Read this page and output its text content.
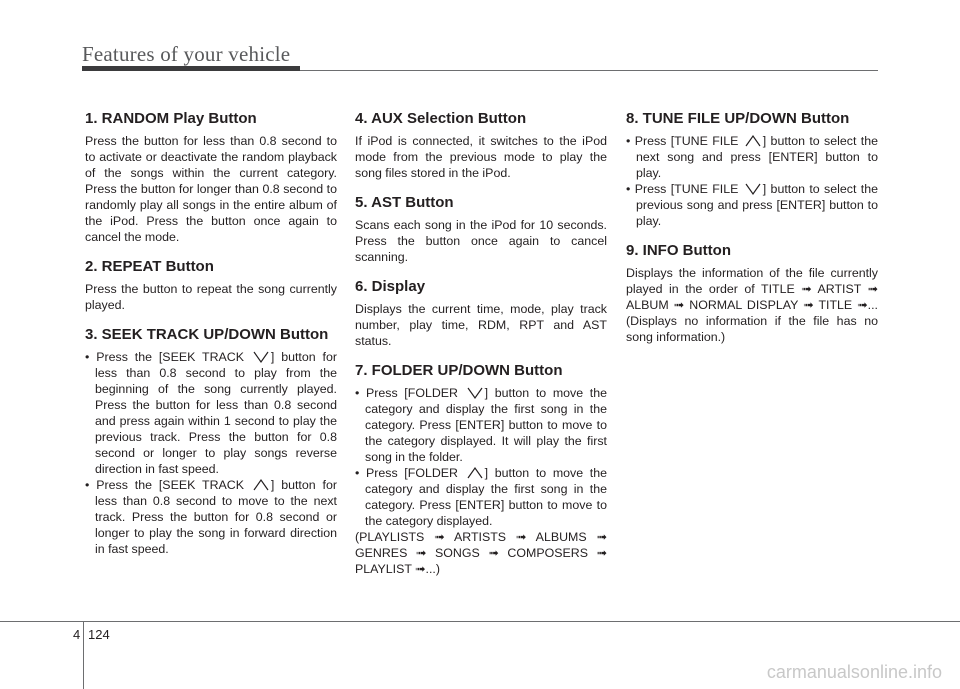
Features of your vehicle
1. RANDOM Play Button

Press the button for less than 0.8 second to to activate or deactivate the random playback of the songs within the current category. Press the button for longer than 0.8 second to randomly play all songs in the entire album of the iPod. Press the button once again to cancel the mode.

2. REPEAT Button

Press the button to repeat the song currently played.

3. SEEK TRACK UP/DOWN Button
• Press the [SEEK TRACK ] button for less than 0.8 second to play from the beginning of the song currently played. Press the button for less than 0.8 second and press again within 1 second to play the previous track. Press the button for 0.8 second or longer to play songs reverse direction in fast speed.
• Press the [SEEK TRACK ] button for less than 0.8 second to move to the next track. Press the button for 0.8 second or longer to play the song in forward direction in fast speed.
4. AUX Selection Button

If iPod is connected, it switches to the iPod mode from the previous mode to play the song files stored in the iPod.

5. AST Button

Scans each song in the iPod for 10 seconds. Press the button once again to cancel scanning.

6. Display

Displays the current time, mode, play track number, play time, RDM, RPT and AST status.

7. FOLDER UP/DOWN Button
• Press [FOLDER ] button to move the category and display the first song in the category. Press [ENTER] button to move to the category displayed. It will play the first song in the folder.
• Press [FOLDER ] button to move the category and display the first song in the category. Press [ENTER] button to move to the category displayed.

(PLAYLISTS ➟ ARTISTS ➟ ALBUMS ➟ GENRES ➟ SONGS ➟ COMPOSERS ➟ PLAYLIST ➟...)

8. TUNE FILE UP/DOWN Button
• Press [TUNE FILE ] button to select the next song and press [ENTER] button to play.
• Press [TUNE FILE ] button to select the previous song and press [ENTER] button to play.
9. INFO Button

Displays the information of the file currently played in the order of TITLE ➟ ARTIST ➟ ALBUM ➟ NORMAL DISPLAY ➟ TITLE ➟... (Displays no information if the file has no song information.)

4 124
carmanualsonline.info
